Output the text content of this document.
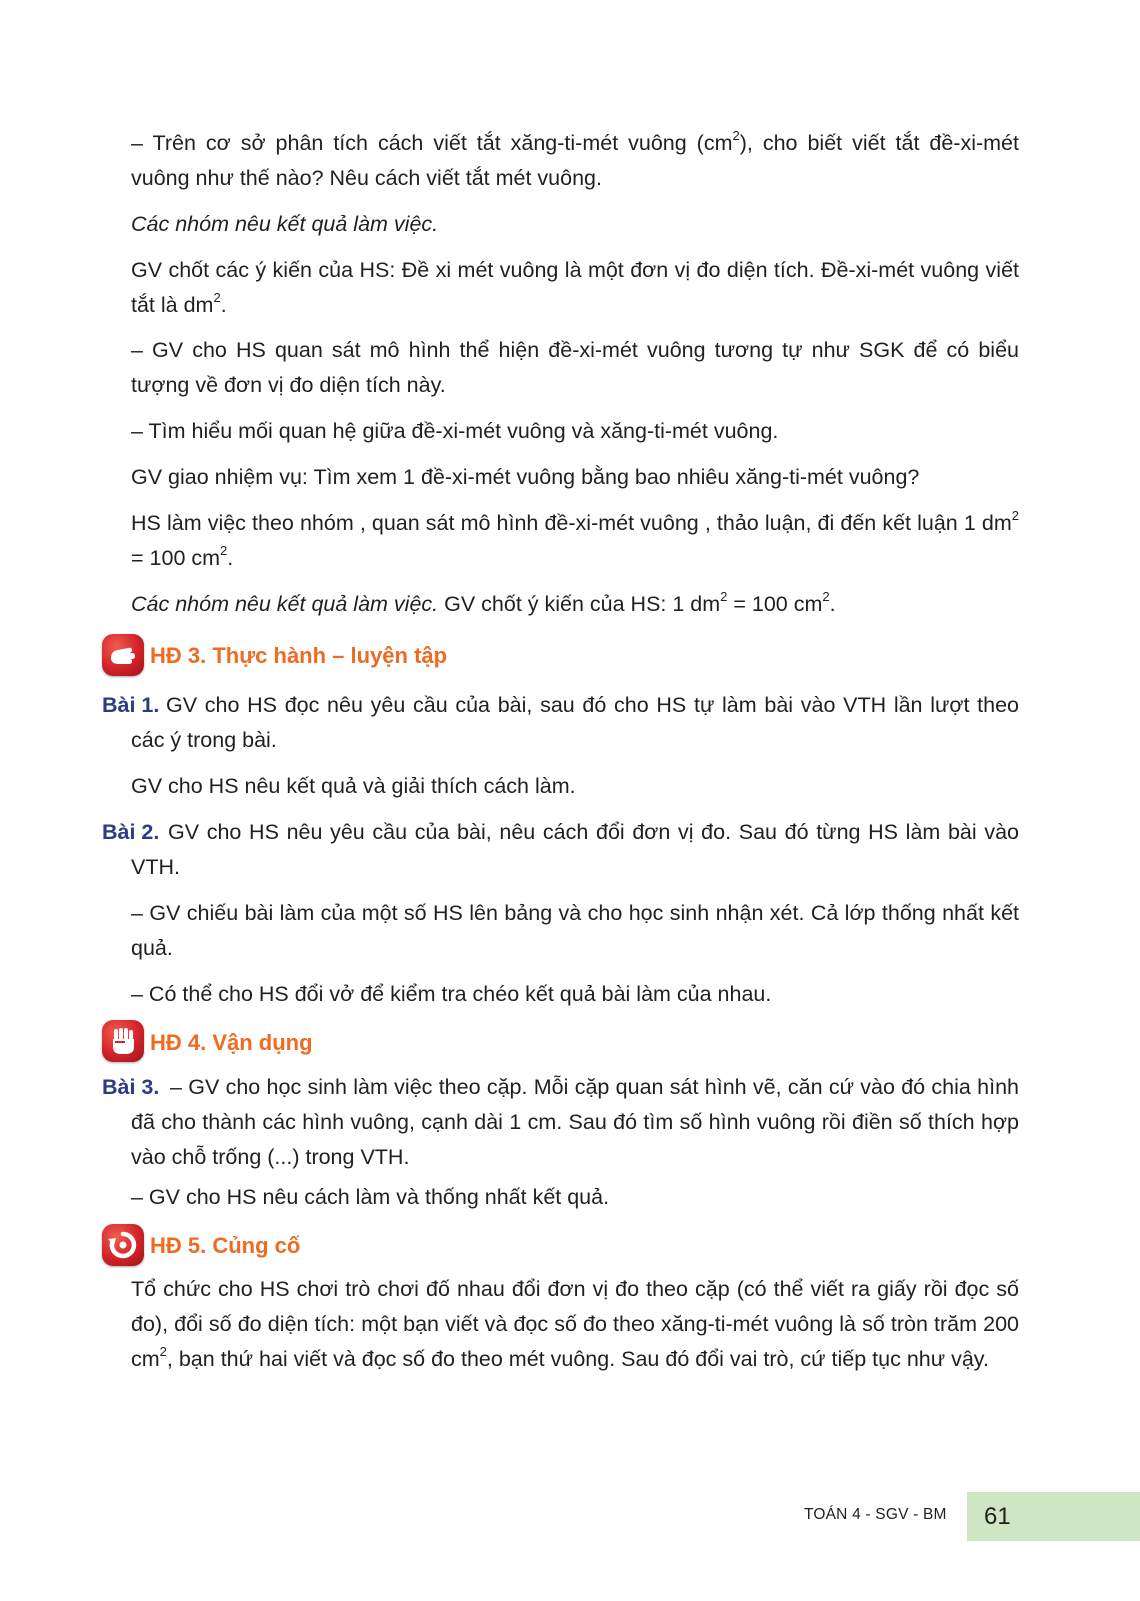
– Trên cơ sở phân tích cách viết tắt xăng-ti-mét vuông $(cm^2)$, cho biết viết tắt đề-xi-mét vuông như thế nào? Nêu cách viết tắt mét vuông.

Các nhóm nêu kết quả làm việc.

GV chốt các ý kiến của HS: Đề xi mét vuông là một đơn vị đo diện tích. Đề-xi-mét vuông viết tắt là $dm^2$.

– GV cho HS quan sát mô hình thể hiện đề-xi-mét vuông tương tự như SGK để có biểu tượng về đơn vị đo diện tích này.

– Tìm hiểu mối quan hệ giữa đề-xi-mét vuông và xăng-ti-mét vuông.

GV giao nhiệm vụ: Tìm xem 1 đề-xi-mét vuông bằng bao nhiêu xăng-ti-mét vuông?

HS làm việc theo nhóm , quan sát mô hình đề-xi-mét vuông , thảo luận, đi đến kết luận 1 $dm^2 = 100$ $cm^2$.

Các nhóm nêu kết quả làm việc. GV chốt ý kiến của HS: 1 $dm^2 = 100$ $cm^2$.

HĐ 3. Thực hành – luyện tập
Bài 1. GV cho HS đọc nêu yêu cầu của bài, sau đó cho HS tự làm bài vào VTH lần lượt theo các ý trong bài.

GV cho HS nêu kết quả và giải thích cách làm.

Bài 2. GV cho HS nêu yêu cầu của bài, nêu cách đổi đơn vị đo. Sau đó từng HS làm bài vào VTH.

– GV chiếu bài làm của một số HS lên bảng và cho học sinh nhận xét. Cả lớp thống nhất kết quả.

– Có thể cho HS đổi vở để kiểm tra chéo kết quả bài làm của nhau.

HĐ 4. Vận dụng
Bài 3. – GV cho học sinh làm việc theo cặp. Mỗi cặp quan sát hình vẽ, căn cứ vào đó chia hình đã cho thành các hình vuông, cạnh dài 1 cm. Sau đó tìm số hình vuông rồi điền số thích hợp vào chỗ trống (...) trong VTH.

– GV cho HS nêu cách làm và thống nhất kết quả.

HĐ 5. Củng cố

Tổ chức cho HS chơi trò chơi đố nhau đổi đơn vị đo theo cặp (có thể viết ra giấy rồi đọc số đo), đổi số đo diện tích: một bạn viết và đọc số đo theo xăng-ti-mét vuông là số tròn trăm 200 $cm^2$, bạn thứ hai viết và đọc số đo theo mét vuông. Sau đó đổi vai trò, cứ tiếp tục như vậy.

TOÁN 4 - SGV - BM 61
